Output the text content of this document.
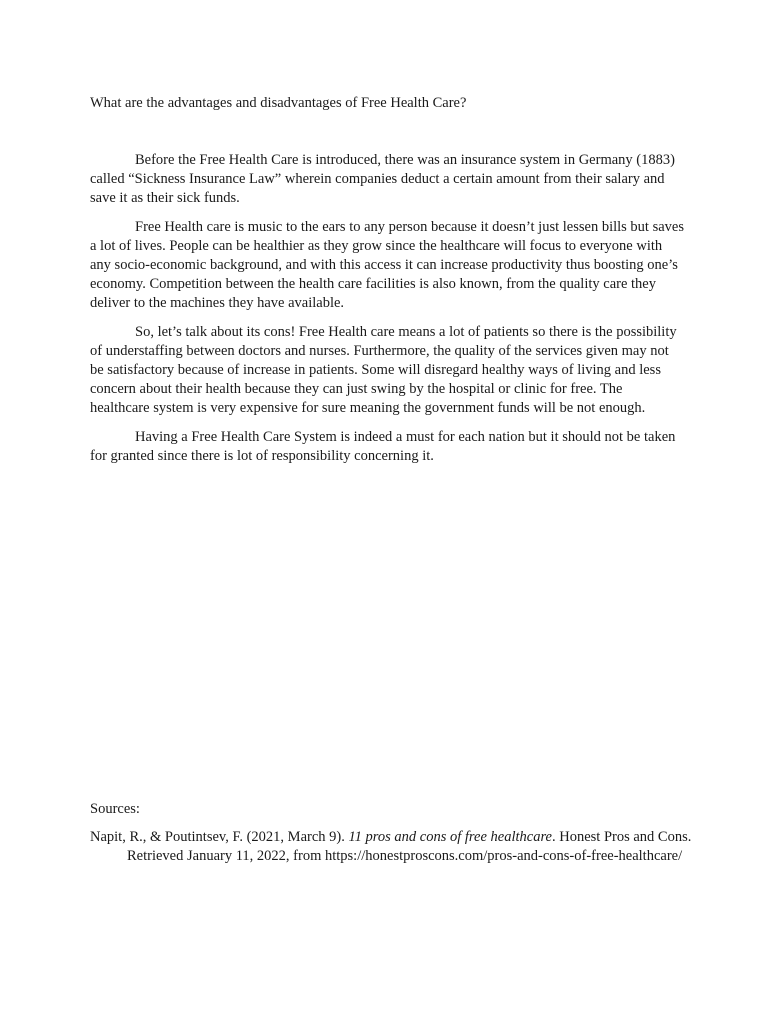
What are the advantages and disadvantages of Free Health Care?

Before the Free Health Care is introduced, there was an insurance system in Germany (1883) called “Sickness Insurance Law” wherein companies deduct a certain amount from their salary and save it as their sick funds.

Free Health care is music to the ears to any person because it doesn’t just lessen bills but saves a lot of lives. People can be healthier as they grow since the healthcare will focus to everyone with any socio-economic background, and with this access it can increase productivity thus boosting one’s economy. Competition between the health care facilities is also known, from the quality care they deliver to the machines they have available.

So, let’s talk about its cons! Free Health care means a lot of patients so there is the possibility of understaffing between doctors and nurses. Furthermore, the quality of the services given may not be satisfactory because of increase in patients. Some will disregard healthy ways of living and less concern about their health because they can just swing by the hospital or clinic for free. The healthcare system is very expensive for sure meaning the government funds will be not enough.

Having a Free Health Care System is indeed a must for each nation but it should not be taken for granted since there is lot of responsibility concerning it.

Sources:

Napit, R., & Poutintsev, F. (2021, March 9). 11 pros and cons of free healthcare. Honest Pros and Cons. Retrieved January 11, 2022, from https://honestproscons.com/pros-and-cons-of-free-healthcare/
